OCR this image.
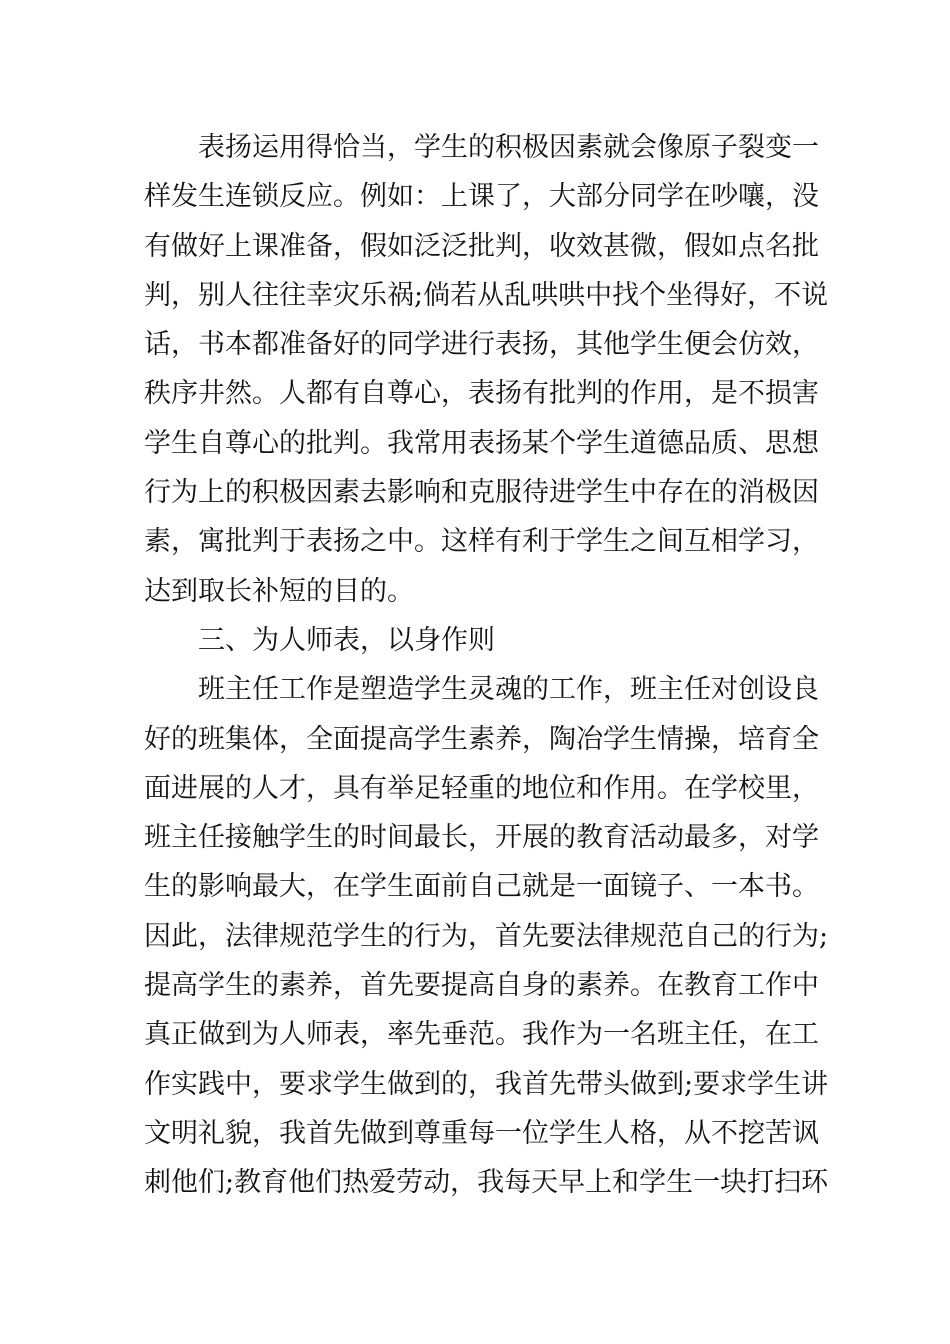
表扬运用得恰当，学生的积极因素就会像原子裂变一
样发生连锁反应。例如：上课了，大部分同学在吵嚷，没
有做好上课准备，假如泛泛批判，收效甚微，假如点名批
判，别人往往幸灾乐祸;倘若从乱哄哄中找个坐得好，不说
话，书本都准备好的同学进行表扬，其他学生便会仿效，
秩序井然。人都有自尊心，表扬有批判的作用，是不损害
学生自尊心的批判。我常用表扬某个学生道德品质、思想
行为上的积极因素去影响和克服待进学生中存在的消极因
素，寓批判于表扬之中。这样有利于学生之间互相学习，
达到取长补短的目的。
三、为人师表，以身作则
班主任工作是塑造学生灵魂的工作，班主任对创设良
好的班集体，全面提高学生素养，陶冶学生情操，培育全
面进展的人才，具有举足轻重的地位和作用。在学校里，
班主任接触学生的时间最长，开展的教育活动最多，对学
生的影响最大，在学生面前自己就是一面镜子、一本书。
因此，法律规范学生的行为，首先要法律规范自己的行为;
提高学生的素养，首先要提高自身的素养。在教育工作中
真正做到为人师表，率先垂范。我作为一名班主任，在工
作实践中，要求学生做到的，我首先带头做到;要求学生讲
文明礼貌，我首先做到尊重每一位学生人格，从不挖苦讽
刺他们;教育他们热爱劳动，我每天早上和学生一块打扫环
